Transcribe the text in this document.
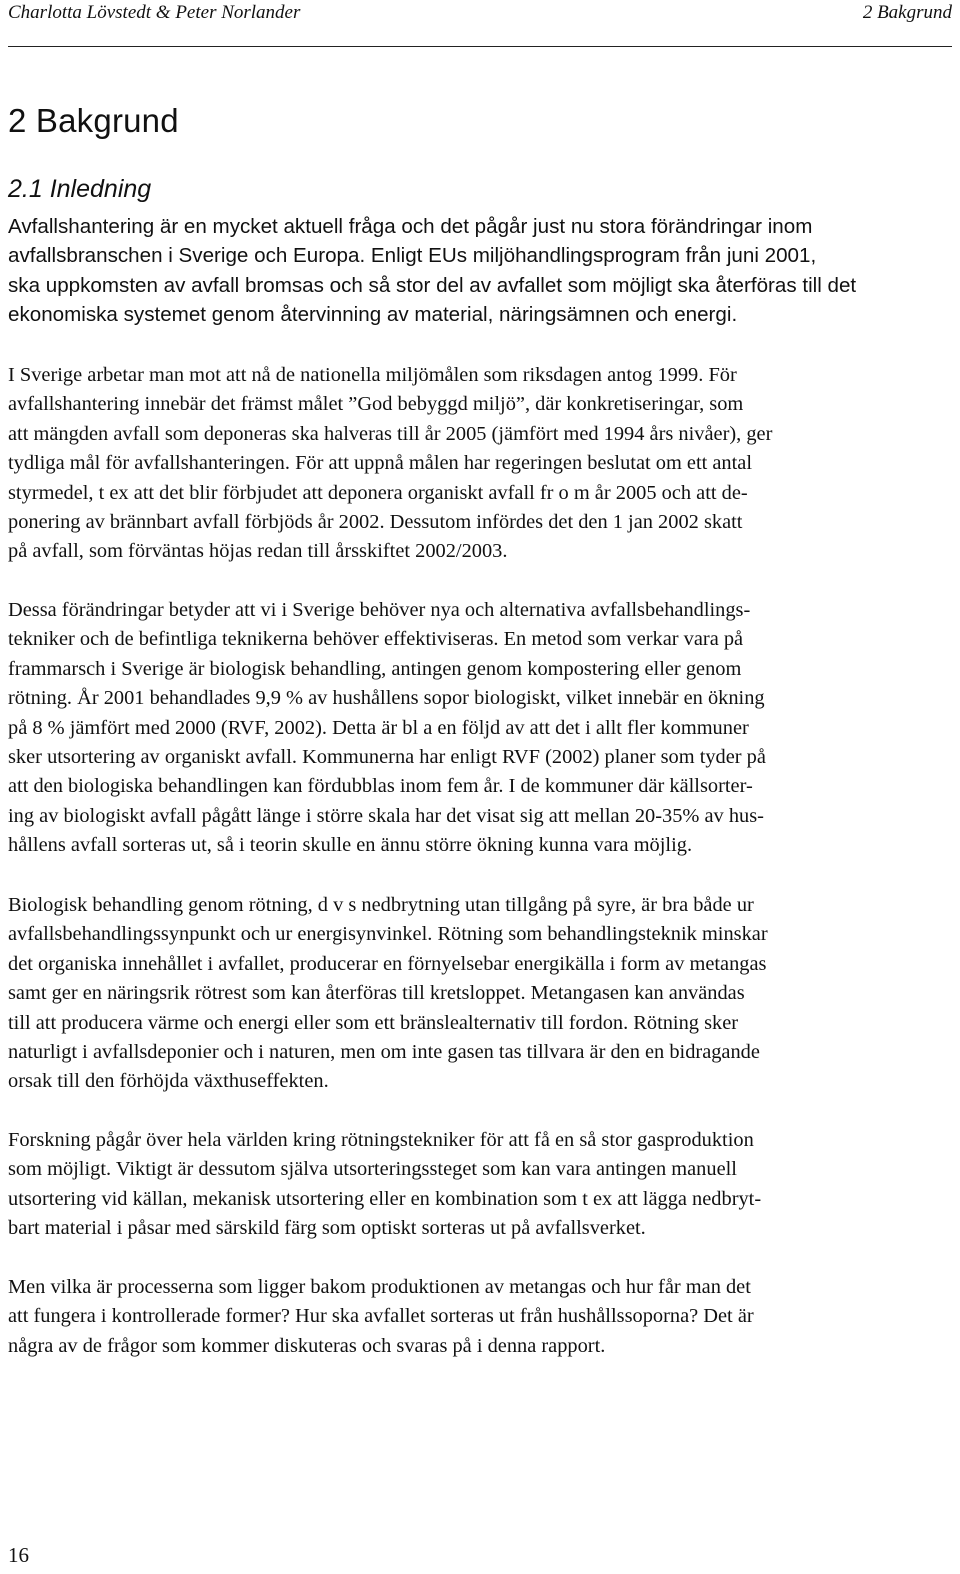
Charlotta Lövstedt & Peter Norlander	2 Bakgrund
2 Bakgrund
2.1 Inledning

Avfallshantering är en mycket aktuell fråga och det pågår just nu stora förändringar inom
avfallsbranschen i Sverige och Europa. Enligt EUs miljöhandlingsprogram från juni 2001,
ska uppkomsten av avfall bromsas och så stor del av avfallet som möjligt ska återföras till det
ekonomiska systemet genom återvinning av material, näringsämnen och energi.

I Sverige arbetar man mot att nå de nationella miljömålen som riksdagen antog 1999. För
avfallshantering innebär det främst målet ”God bebyggd miljö”, där konkretiseringar, som
att mängden avfall som deponeras ska halveras till år 2005 (jämfört med 1994 års nivåer), ger
tydliga mål för avfallshanteringen. För att uppnå målen har regeringen beslutat om ett antal
styrmedel, t ex att det blir förbjudet att deponera organiskt avfall fr o m år 2005 och att de-
ponering av brännbart avfall förbjöds år 2002. Dessutom infördes det den 1 jan 2002 skatt
på avfall, som förväntas höjas redan till årsskiftet 2002/2003.

Dessa förändringar betyder att vi i Sverige behöver nya och alternativa avfallsbehandlings-
tekniker och de befintliga teknikerna behöver effektiviseras. En metod som verkar vara på
frammarsch i Sverige är biologisk behandling, antingen genom kompostering eller genom
rötning. År 2001 behandlades 9,9 % av hushållens sopor biologiskt, vilket innebär en ökning
på 8 % jämfört med 2000 (RVF, 2002). Detta är bl a en följd av att det i allt fler kommuner
sker utsortering av organiskt avfall. Kommunerna har enligt RVF (2002) planer som tyder på
att den biologiska behandlingen kan fördubblas inom fem år. I de kommuner där källsorter-
ing av biologiskt avfall pågått länge i större skala har det visat sig att mellan 20-35% av hus-
hållens avfall sorteras ut, så i teorin skulle en ännu större ökning kunna vara möjlig.

Biologisk behandling genom rötning, d v s nedbrytning utan tillgång på syre, är bra både ur
avfallsbehandlingssynpunkt och ur energisynvinkel. Rötning som behandlingsteknik minskar
det organiska innehållet i avfallet, producerar en förnyelsebar energikälla i form av metangas
samt ger en näringsrik rötrest som kan återföras till kretsloppet. Metangasen kan användas
till att producera värme och energi eller som ett bränslealternativ till fordon. Rötning sker
naturligt i avfallsdeponier och i naturen, men om inte gasen tas tillvara är den en bidragande
orsak till den förhöjda växthuseffekten.

Forskning pågår över hela världen kring rötningstekniker för att få en så stor gasproduktion
som möjligt. Viktigt är dessutom själva utsorteringssteget som kan vara antingen manuell
utsortering vid källan, mekanisk utsortering eller en kombination som t ex att lägga nedbryt-
bart material i påsar med särskild färg som optiskt sorteras ut på avfallsverket.

Men vilka är processerna som ligger bakom produktionen av metangas och hur får man det
att fungera i kontrollerade former? Hur ska avfallet sorteras ut från hushållssoporna? Det är
några av de frågor som kommer diskuteras och svaras på i denna rapport.

16
